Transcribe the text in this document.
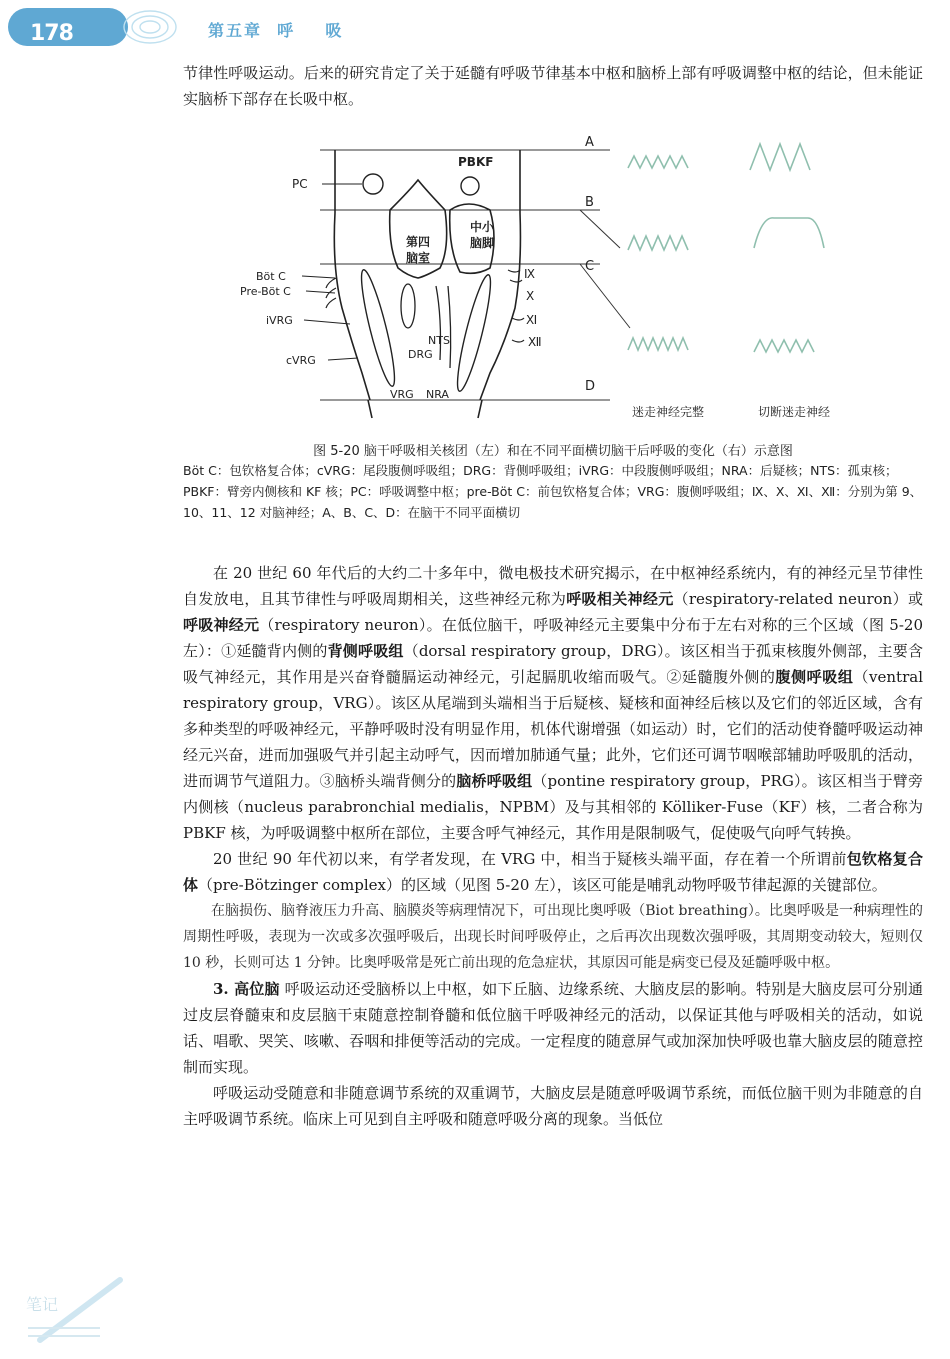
178	第五章  呼    吸

节律性呼吸运动。后来的研究肯定了关于延髓有呼吸节律基本中枢和脑桥上部有呼吸调整中枢的结论，但未能证实脑桥下部存在长吸中枢。

A
B
C
D
PBKF
PC
第四
脑室
中小
脑脚
Böt C
Pre-Böt C
iVRG
cVRG
NTS
DRG
VRG NRA
Ⅸ
Ⅹ
Ⅺ
Ⅻ
迷走神经完整	切断迷走神经
图 5-20 脑干呼吸相关核团（左）和在不同平面横切脑干后呼吸的变化（右）示意图
Böt C：包钦格复合体；cVRG：尾段腹侧呼吸组；DRG：背侧呼吸组；iVRG：中段腹侧呼吸组；NRA：后疑核；NTS：孤束核；PBKF：臂旁内侧核和 KF 核；PC：呼吸调整中枢；pre-Böt C：前包钦格复合体；VRG：腹侧呼吸组；Ⅸ、Ⅹ、Ⅺ、Ⅻ：分别为第 9、10、11、12 对脑神经；A、B、C、D：在脑干不同平面横切

在 20 世纪 60 年代后的大约二十多年中，微电极技术研究揭示，在中枢神经系统内，有的神经元呈节律性自发放电，且其节律性与呼吸周期相关，这些神经元称为呼吸相关神经元（respiratory-related neuron）或呼吸神经元（respiratory neuron）。在低位脑干，呼吸神经元主要集中分布于左右对称的三个区域（图 5-20 左）：①延髓背内侧的背侧呼吸组（dorsal respiratory group，DRG）。该区相当于孤束核腹外侧部，主要含吸气神经元，其作用是兴奋脊髓膈运动神经元，引起膈肌收缩而吸气。②延髓腹外侧的腹侧呼吸组（ventral respiratory group，VRG）。该区从尾端到头端相当于后疑核、疑核和面神经后核以及它们的邻近区域，含有多种类型的呼吸神经元，平静呼吸时没有明显作用，机体代谢增强（如运动）时，它们的活动使脊髓呼吸运动神经元兴奋，进而加强吸气并引起主动呼气，因而增加肺通气量；此外，它们还可调节咽喉部辅助呼吸肌的活动，进而调节气道阻力。③脑桥头端背侧分的脑桥呼吸组（pontine respiratory group，PRG）。该区相当于臂旁内侧核（nucleus parabronchial medialis，NPBM）及与其相邻的 Kölliker-Fuse（KF）核，二者合称为 PBKF 核，为呼吸调整中枢所在部位，主要含呼气神经元，其作用是限制吸气，促使吸气向呼气转换。

20 世纪 90 年代初以来，有学者发现，在 VRG 中，相当于疑核头端平面，存在着一个所谓前包钦格复合体（pre-Bötzinger complex）的区域（见图 5-20 左），该区可能是哺乳动物呼吸节律起源的关键部位。

在脑损伤、脑脊液压力升高、脑膜炎等病理情况下，可出现比奥呼吸（Biot breathing）。比奥呼吸是一种病理性的周期性呼吸，表现为一次或多次强呼吸后，出现长时间呼吸停止，之后再次出现数次强呼吸，其周期变动较大，短则仅 10 秒，长则可达 1 分钟。比奥呼吸常是死亡前出现的危急症状，其原因可能是病变已侵及延髓呼吸中枢。

3. 高位脑 呼吸运动还受脑桥以上中枢，如下丘脑、边缘系统、大脑皮层的影响。特别是大脑皮层可分别通过皮层脊髓束和皮层脑干束随意控制脊髓和低位脑干呼吸神经元的活动，以保证其他与呼吸相关的活动，如说话、唱歌、哭笑、咳嗽、吞咽和排便等活动的完成。一定程度的随意屏气或加深加快呼吸也靠大脑皮层的随意控制而实现。

呼吸运动受随意和非随意调节系统的双重调节，大脑皮层是随意呼吸调节系统，而低位脑干则为非随意的自主呼吸调节系统。临床上可见到自主呼吸和随意呼吸分离的现象。当低位

笔记
